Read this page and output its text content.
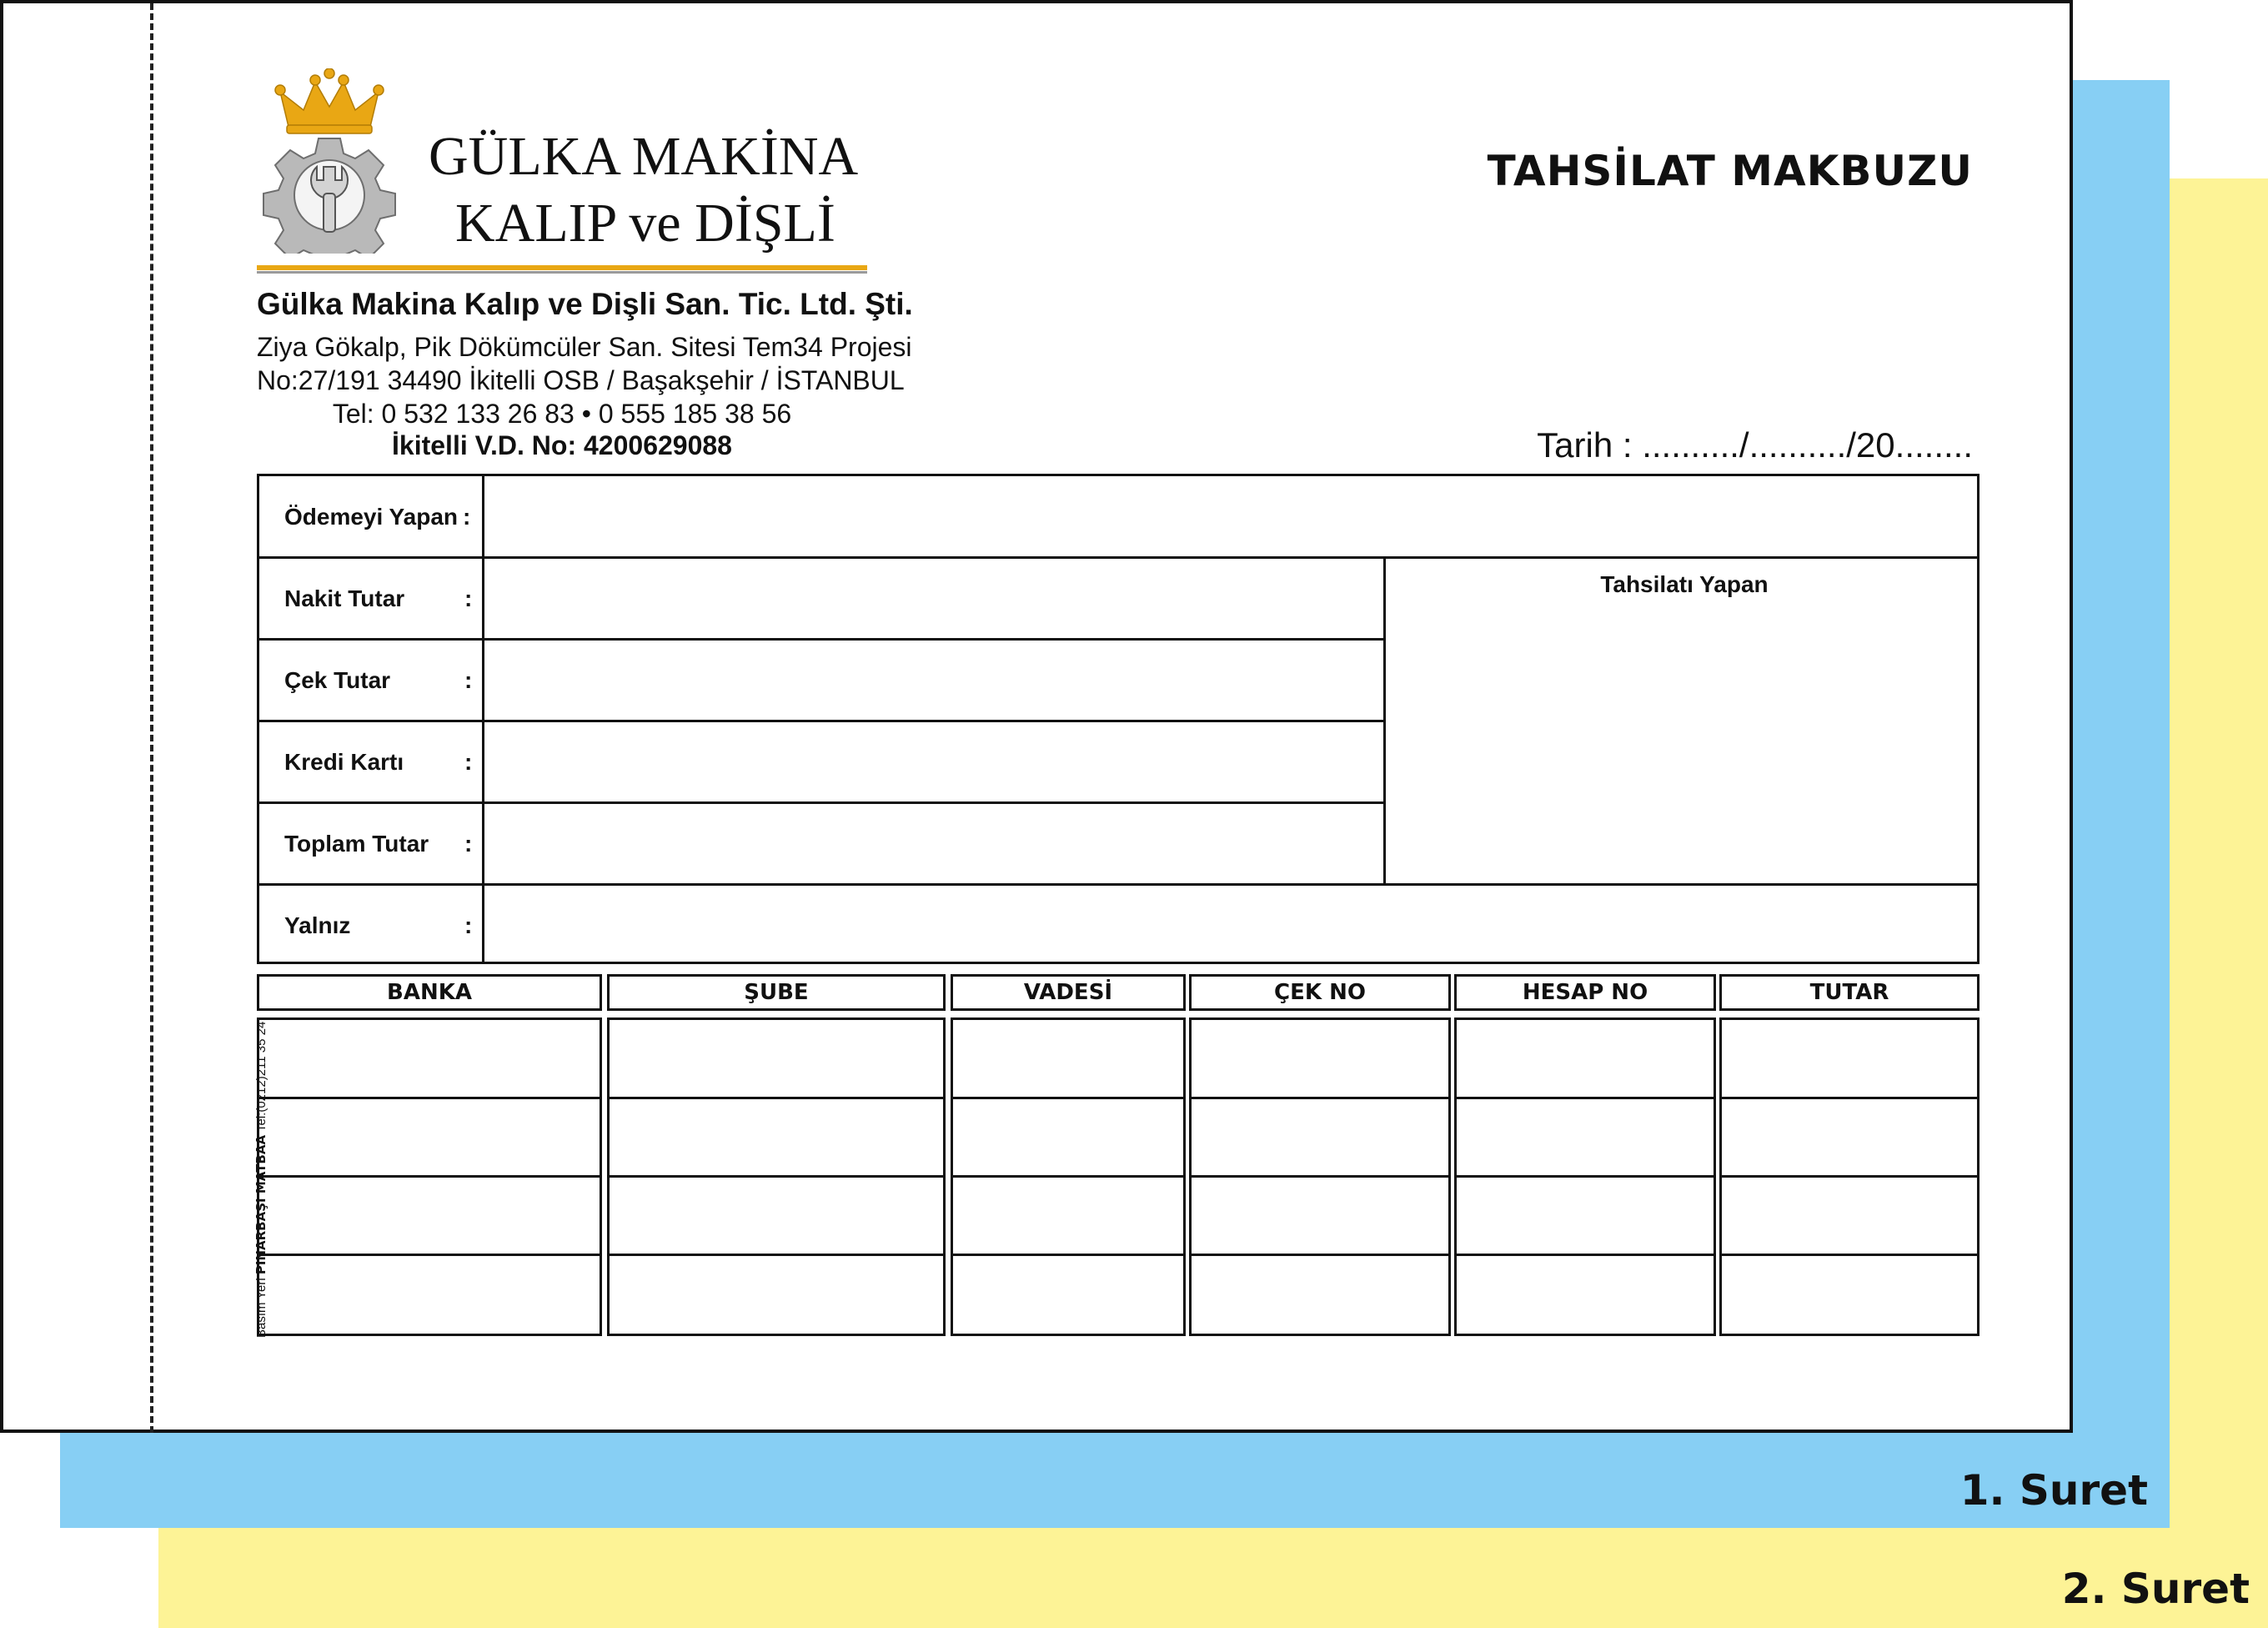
1. Suret
2. Suret
GÜLKA MAKİNA
KALIP ve DİŞLİ
Gülka Makina Kalıp ve Dişli San. Tic. Ltd. Şti.
Ziya Gökalp, Pik Dökümcüler San. Sitesi Tem34 Projesi
No:27/191 34490 İkitelli OSB / Başakşehir / İSTANBUL
Tel: 0 532 133 26 83 • 0 555 185 38 56
İkitelli V.D. No: 4200629088
TAHSİLAT MAKBUZU
Tarih : ........../........../20........
Ödemeyi Yapan :
Nakit Tutar	:
Çek Tutar	:
Kredi Kartı	:
Toplam Tutar :
Yalnız	:
Tahsilatı Yapan
BANKA	ŞUBE	VADESİ	ÇEK NO	HESAP NO	TUTAR
Basım Yeri PINARBAŞI MATBAA Tel:(0212)211 35 24
